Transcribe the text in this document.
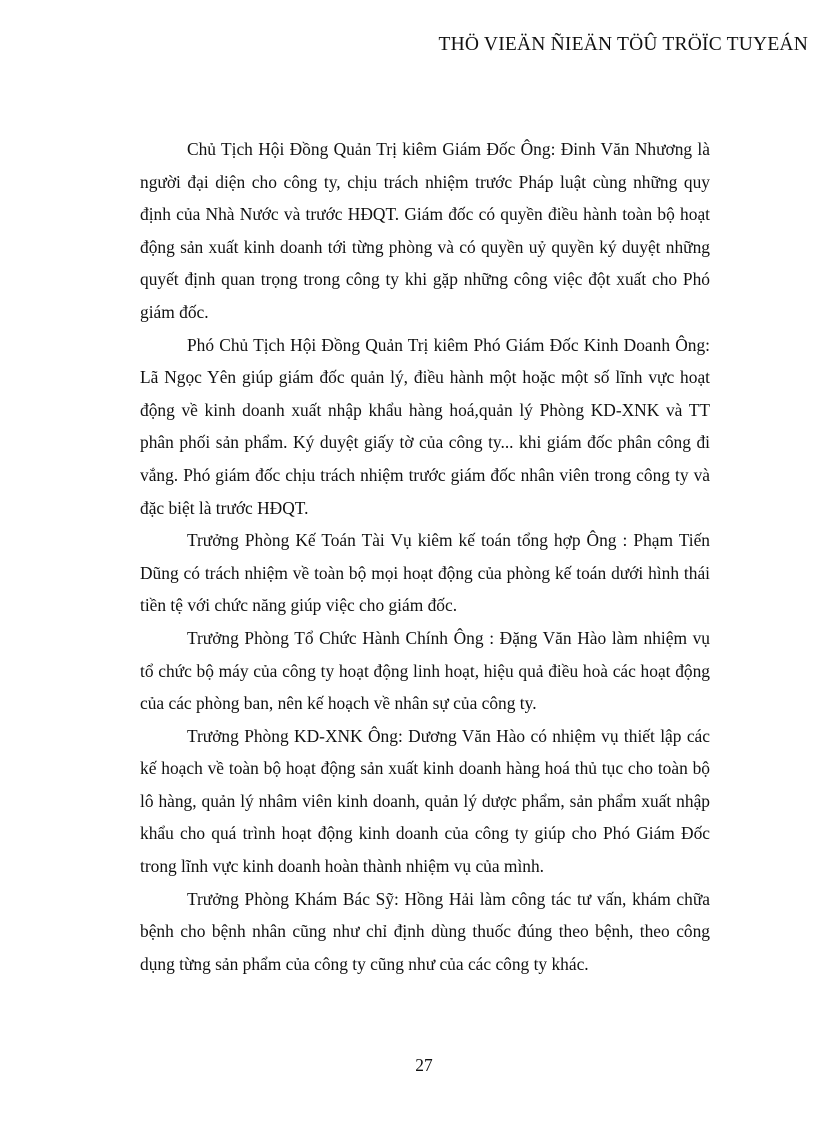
THÖ VIEÄN ÑIEÄN TÖÛ TRÖÏC TUYEÁN

Chủ Tịch Hội Đồng Quản Trị kiêm Giám Đốc Ông: Đinh Văn Nhương là người đại diện cho công ty, chịu trách nhiệm trước Pháp luật cùng những quy định của Nhà Nước và trước HĐQT. Giám đốc có quyền điều hành toàn bộ hoạt động sản xuất kinh doanh tới từng phòng và có quyền uỷ quyền ký duyệt những quyết định quan trọng trong công ty khi gặp những công việc đột xuất cho Phó giám đốc.

Phó Chủ Tịch Hội Đồng Quản Trị kiêm Phó Giám Đốc Kinh Doanh Ông: Lã Ngọc Yên giúp giám đốc quản lý, điều hành một hoặc một số lĩnh vực hoạt động về kinh doanh xuất nhập khẩu hàng hoá,quản lý Phòng KD-XNK và TT phân phối sản phẩm. Ký duyệt giấy tờ của công ty... khi giám đốc phân công đi vắng. Phó giám đốc chịu trách nhiệm trước giám đốc nhân viên trong công ty và đặc biệt là trước HĐQT.

Trưởng Phòng Kế Toán Tài Vụ kiêm kế toán tổng hợp Ông : Phạm Tiến Dũng có trách nhiệm về toàn bộ mọi hoạt động của phòng kế toán dưới hình thái tiền tệ với chức năng giúp việc cho giám đốc.

Trưởng Phòng Tổ Chức Hành Chính Ông : Đặng Văn Hào làm nhiệm vụ tổ chức bộ máy của công ty hoạt động linh hoạt, hiệu quả điều hoà các hoạt động của các phòng ban, nên kế hoạch về nhân sự của công ty.

Trưởng Phòng KD-XNK Ông: Dương Văn Hào có nhiệm vụ thiết lập các kế hoạch về toàn bộ hoạt động sản xuất kinh doanh hàng hoá thủ tục cho toàn bộ lô hàng, quản lý nhâm viên kinh doanh, quản lý dược phẩm, sản phẩm xuất nhập khẩu cho quá trình hoạt động kinh doanh của công ty giúp cho Phó Giám Đốc trong lĩnh vực kinh doanh hoàn thành nhiệm vụ của mình.

Trưởng Phòng Khám Bác Sỹ: Hồng Hải làm công tác tư vấn, khám chữa bệnh cho bệnh nhân cũng như chỉ định dùng thuốc đúng theo bệnh, theo công dụng từng sản phẩm của công ty cũng như của các công ty khác.

27
